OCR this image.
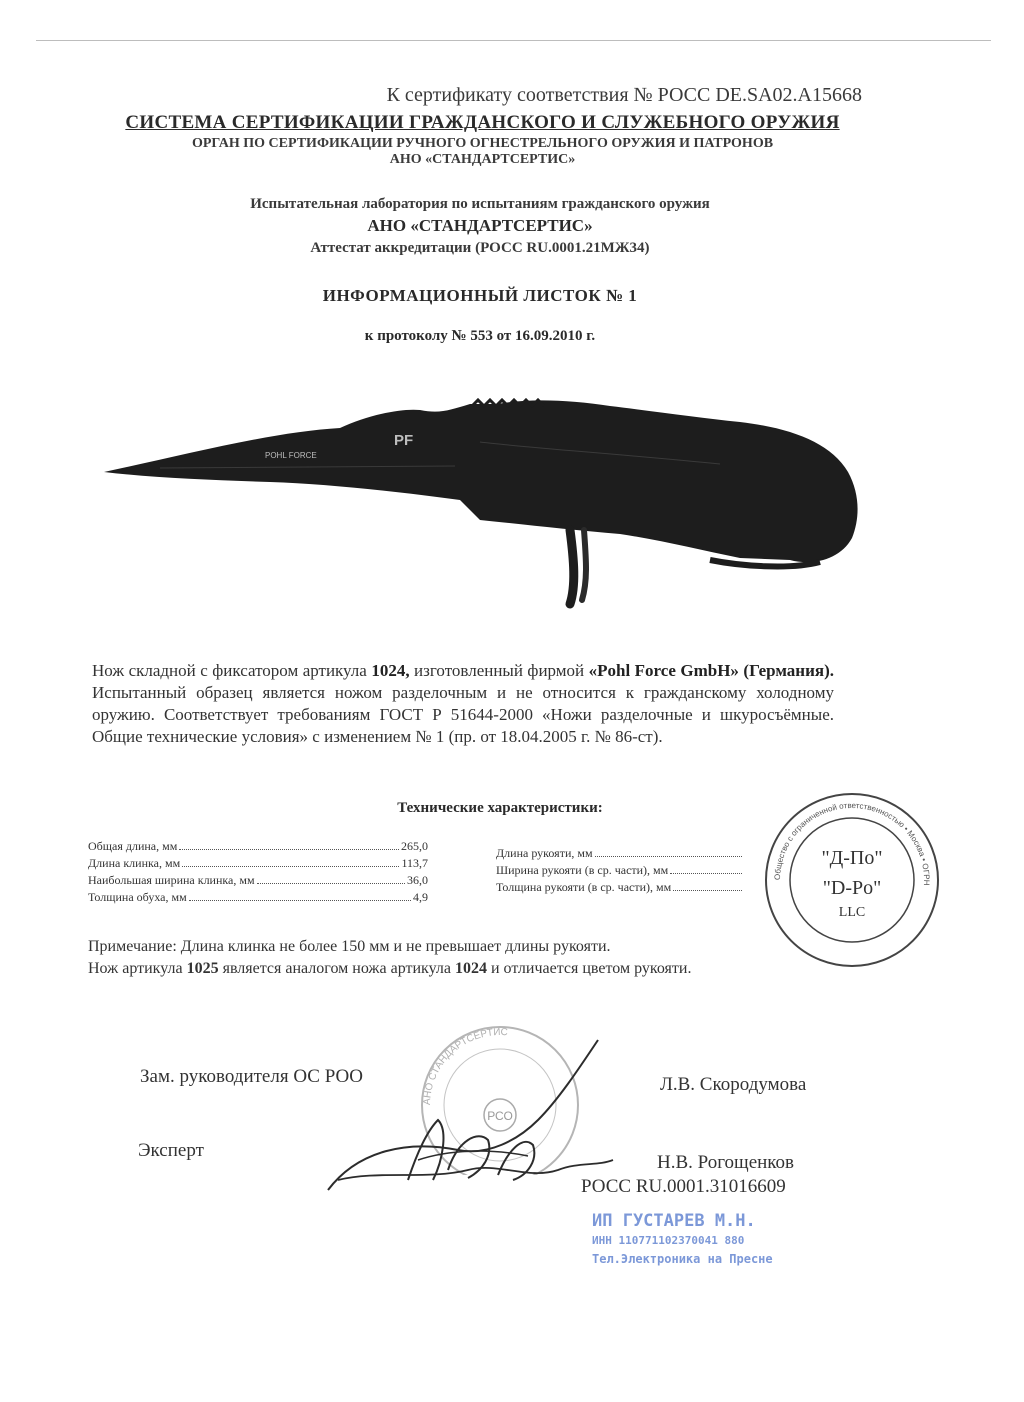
К сертификату соответствия № РОСС DE.SA02.A15668
СИСТЕМА СЕРТИФИКАЦИИ ГРАЖДАНСКОГО И СЛУЖЕБНОГО ОРУЖИЯ
ОРГАН ПО СЕРТИФИКАЦИИ РУЧНОГО ОГНЕСТРЕЛЬНОГО ОРУЖИЯ И ПАТРОНОВ
АНО «СТАНДАРТСЕРТИС»
Испытательная лаборатория по испытаниям гражданского оружия
АНО «СТАНДАРТСЕРТИС»
Аттестат аккредитации (РОСС RU.0001.21МЖ34)
ИНФОРМАЦИОННЫЙ ЛИСТОК № 1
к протоколу № 553 от 16.09.2010 г.
POHL FORCE
PF
Нож складной с фиксатором артикула 1024, изготовленный фирмой «Pohl Force GmbH» (Германия). Испытанный образец является ножом разделочным и не относится к гражданскому холодному оружию. Соответствует требованиям ГОСТ Р 51644-2000 «Ножи разделочные и шкуросъёмные. Общие технические условия» с изменением № 1 (пр. от 18.04.2005 г. № 86-ст).
Технические характеристики:
Общая длина, мм	265,0
Длина клинка, мм	113,7
Наибольшая ширина клинка, мм	36,0
Толщина обуха, мм	4,9
Длина рукояти, мм
Ширина рукояти (в ср. части), мм
Толщина рукояти (в ср. части), мм
Общество с ограниченной ответственностью • Москва • ОГРН
"Д-По"
"D-Po"
LLC
Примечание: Длина клинка не более 150 мм и не превышает длины рукояти.
Нож артикула 1025 является аналогом ножа артикула 1024 и отличается цветом рукояти.
АНО СТАНДАРТСЕРТИС
РСО
Зам. руководителя ОС РОО	Л.В. Скородумова
Эксперт
Н.В. Рогощенков
РОСС RU.0001.31016609
ИП ГУСТАРЕВ М.Н.
ИНН 110771102370041 880
Тел.Электроника на Пресне
